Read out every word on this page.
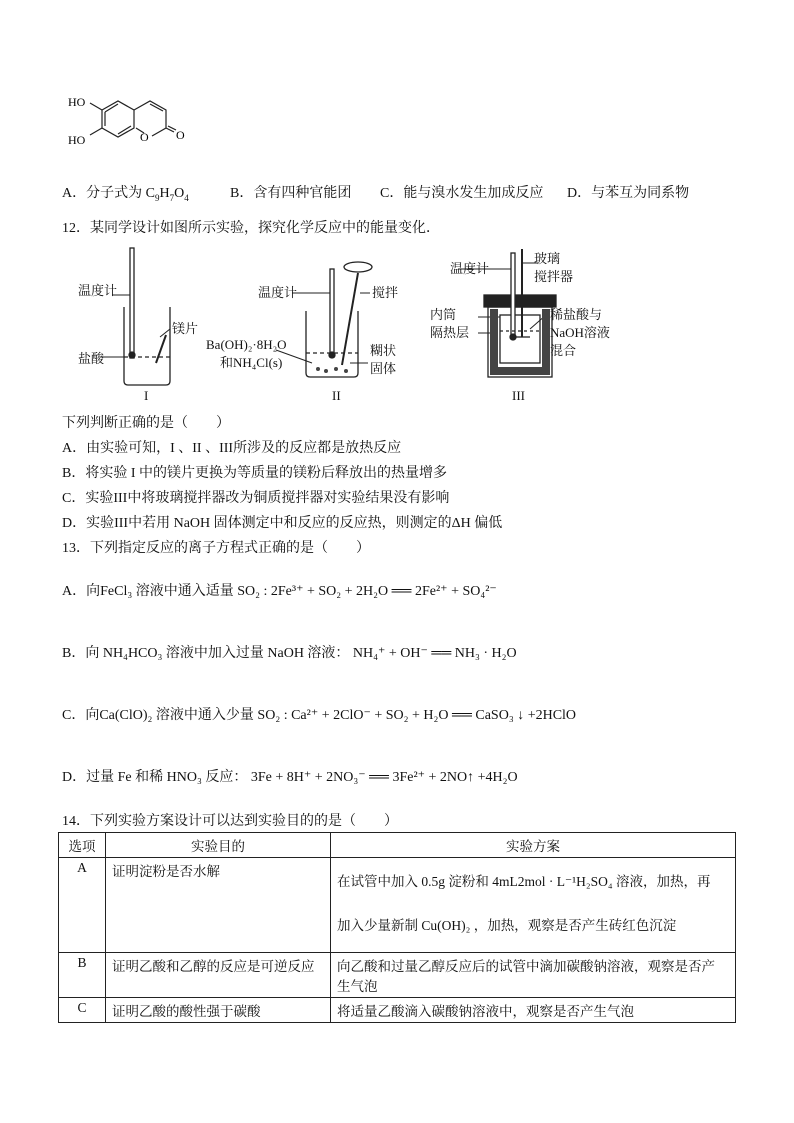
HO
HO	O O
A．分子式为 $C_9H_7O_4$	B．含有四种官能团 C．能与溴水发生加成反应 D．与苯互为同系物
12．某同学设计如图所示实验，探究化学反应中的能量变化．
温度计
镁片
盐酸
I
温度计	搅拌
Ba(OH)₂·8H₂O
和NH₄Cl(s)
糊状
固体
II
温度计
玻璃
搅拌器
内筒
隔热层
稀盐酸与
NaOH溶液
混合
III
下列判断正确的是（　　）
A．由实验可知，I 、II 、III所涉及的反应都是放热反应
B．将实验 I 中的镁片更换为等质量的镁粉后释放出的热量增多
C．实验III中将玻璃搅拌器改为铜质搅拌器对实验结果没有影响
D．实验III中若用 NaOH 固体测定中和反应的反应热，则测定的ΔH 偏低
13．下列指定反应的离子方程式正确的是（　　）
A．向FeCl₃ 溶液中通入适量 SO₂ : 2Fe³⁺ + SO₂ + 2H₂O ══ 2Fe²⁺ + SO₄²⁻
B．向 NH₄HCO₃ 溶液中加入过量 NaOH 溶液： NH₄⁺ + OH⁻ ══ NH₃ · H₂O
C．向Ca(ClO)₂ 溶液中通入少量 SO₂ : Ca²⁺ + 2ClO⁻ + SO₂ + H₂O ══ CaSO₃ ↓ +2HClO
D．过量 Fe 和稀 HNO₃ 反应： 3Fe + 8H⁺ + 2NO₃⁻ ══ 3Fe²⁺ + 2NO↑ +4H₂O
14．下列实验方案设计可以达到实验目的的是（　　）
选项	实验目的	实验方案
A	证明淀粉是否水解	在试管中加入 0.5g 淀粉和 4mL2mol · L⁻¹H₂SO₄ 溶液，加热，再
加入少量新制 Cu(OH)₂ ，加热，观察是否产生砖红色沉淀

B	证明乙酸和乙醇的反应是可逆反应	向乙酸和过量乙醇反应后的试管中滴加碳酸钠溶液，观察是否产
生气泡

C	证明乙酸的酸性强于碳酸	将适量乙酸滴入碳酸钠溶液中，观察是否产生气泡
